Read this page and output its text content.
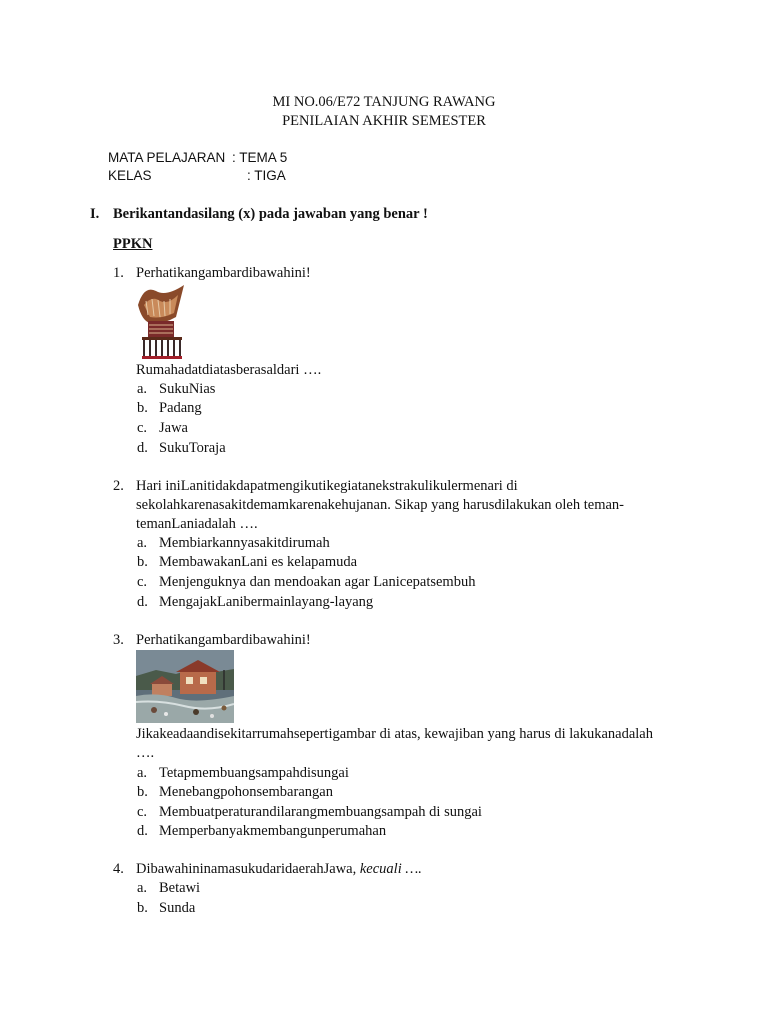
MI NO.06/E72 TANJUNG RAWANG
PENILAIAN AKHIR SEMESTER
MATA PELAJARAN : TEMA 5
KELAS	: TIGA
I. Berikantandasilang (x) pada jawaban yang benar !
PPKN
1. Perhatikangambardibawahini!
Rumahadatdiatasberasaldari ….
a. SukuNias
b. Padang
c. Jawa
d. SukuToraja
2. Hari iniLanitidakdapatmengikutikegiatanekstrakulikulermenari di
sekolahkarenasakitdemamkarenakehujanan. Sikap yang harusdilakukan oleh teman-
temanLaniadalah ….
a. Membiarkannyasakitdirumah
b. MembawakanLani es kelapamuda
c. Menjenguknya dan mendoakan agar Lanicepatsembuh
d. MengajakLanibermainlayang-layang
3. Perhatikangambardibawahini!
Jikakeadaandisekitarrumahsepertigambar di atas, kewajiban yang harus di lakukanadalah
….
a. Tetapmembuangsampahdisungai
b. Menebangpohonsembarangan
c. Membuatperaturandilarangmembuangsampah di sungai
d. Memperbanyakmembangunperumahan
4. DibawahininamasukudaridaerahJawa, kecuali ….
a. Betawi
b. Sunda
